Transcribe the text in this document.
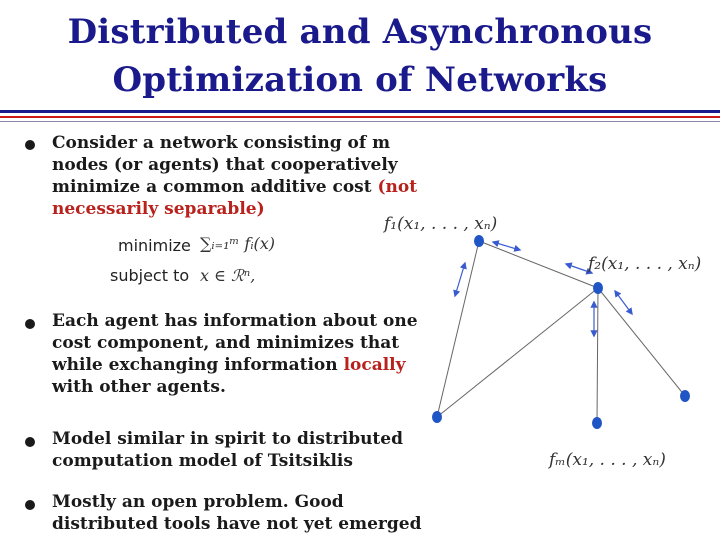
Distributed and Asynchronous
Optimization of Networks
Consider a network consisting of m
nodes (or agents) that cooperatively
minimize a common additive cost (not
necessarily separable)
minimize ∑ᵢ₌₁ᵐ fᵢ(x)
subject to x ∈ ℛⁿ,
Each agent has information about one
cost component, and minimizes that
while exchanging information locally
with other agents.
Model similar in spirit to distributed
computation model of Tsitsiklis
Mostly an open problem. Good
distributed tools have not yet emerged
f₁(x₁, . . . , xₙ)
f₂(x₁, . . . , xₙ)
fₘ(x₁, . . . , xₙ)
